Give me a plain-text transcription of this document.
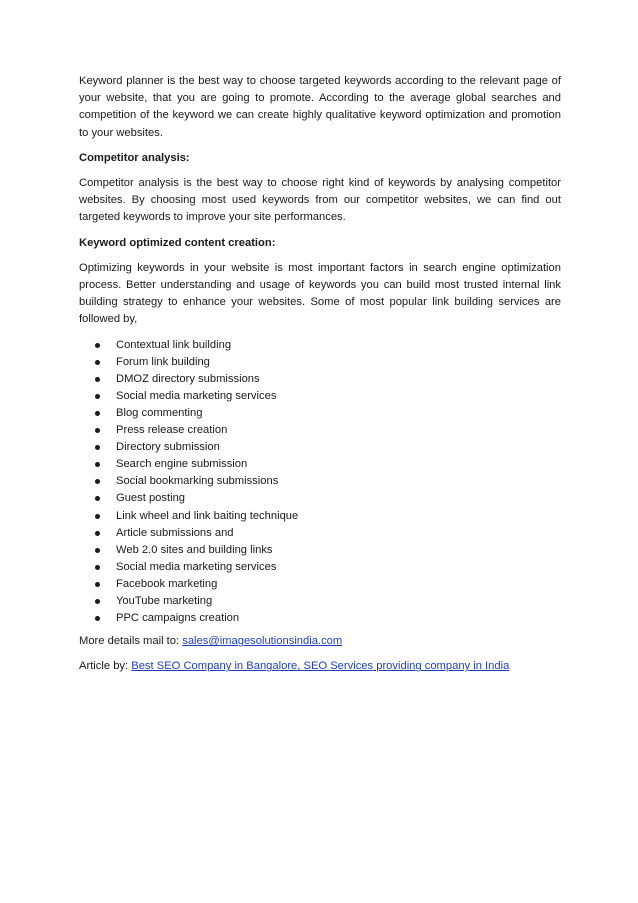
Keyword planner is the best way to choose targeted keywords according to the relevant page of your website, that you are going to promote. According to the average global searches and competition of the keyword we can create highly qualitative keyword optimization and promotion to your websites.

Competitor analysis:

Competitor analysis is the best way to choose right kind of keywords by analysing competitor websites. By choosing most used keywords from our competitor websites, we can find out targeted keywords to improve your site performances.

Keyword optimized content creation:

Optimizing keywords in your website is most important factors in search engine optimization process. Better understanding and usage of keywords you can build most trusted internal link building strategy to enhance your websites. Some of most popular link building services are followed by,

Contextual link building
Forum link building
DMOZ directory submissions
Social media marketing services
Blog commenting
Press release creation
Directory submission
Search engine submission
Social bookmarking submissions
Guest posting
Link wheel and link baiting technique
Article submissions and
Web 2.0 sites and building links
Social media marketing services
Facebook marketing
YouTube marketing
PPC campaigns creation

More details mail to: sales@imagesolutionsindia.com

Article by: Best SEO Company in Bangalore, SEO Services providing company in India
